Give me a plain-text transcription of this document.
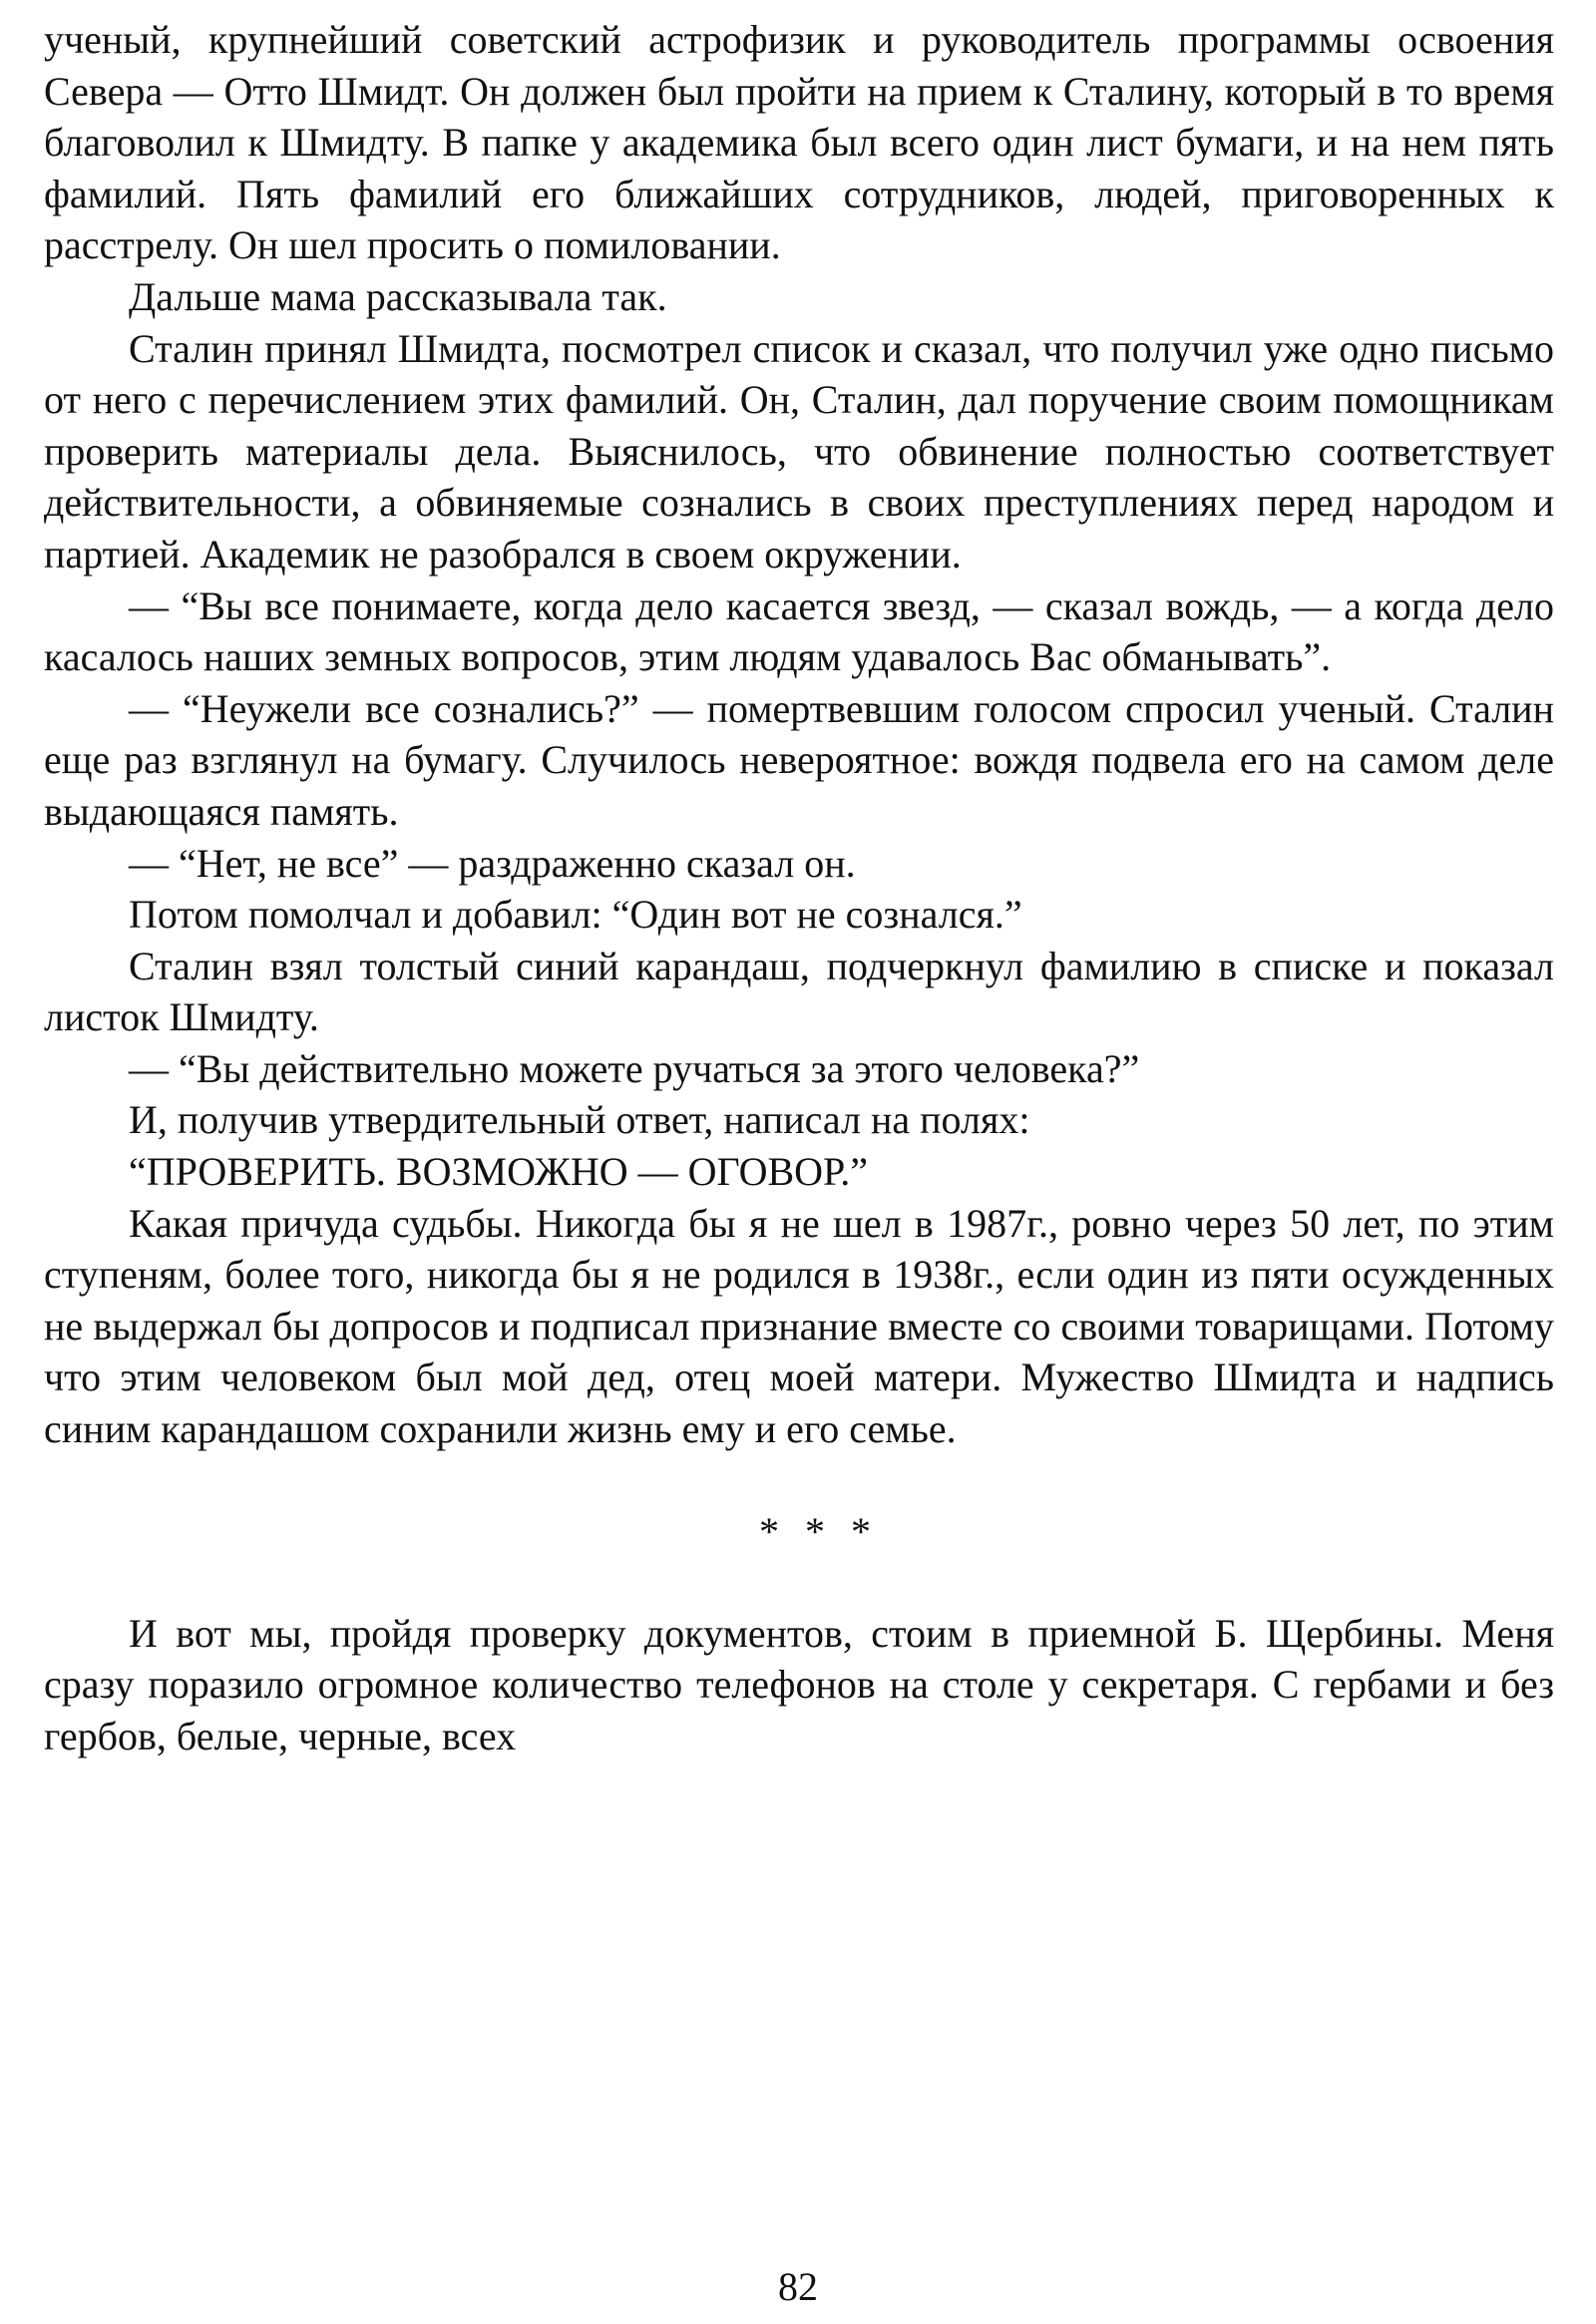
ученый, крупнейший советский астрофизик и руководитель программы освоения Севера — Отто Шмидт. Он должен был пройти на прием к Сталину, который в то время благоволил к Шмидту. В папке у академика был всего один лист бумаги, и на нем пять фамилий. Пять фамилий его ближайших сотрудников, людей, приговоренных к расстрелу. Он шел просить о помиловании.

Дальше мама рассказывала так.

Сталин принял Шмидта, посмотрел список и сказал, что получил уже одно письмо от него с перечислением этих фамилий. Он, Сталин, дал поручение своим помощникам проверить материалы дела. Выяснилось, что обвинение полностью соответствует действительности, а обвиняемые сознались в своих преступлениях перед народом и партией. Академик не разобрался в своем окружении.

— “Вы все понимаете, когда дело касается звезд, — сказал вождь, — а когда дело касалось наших земных вопросов, этим людям удавалось Вас обманывать”.

— “Неужели все сознались?” — помертвевшим голосом спросил ученый. Сталин еще раз взглянул на бумагу. Случилось невероятное: вождя подвела его на самом деле выдающаяся память.

— “Нет, не все” — раздраженно сказал он.

Потом помолчал и добавил: “Один вот не сознался.”

Сталин взял толстый синий карандаш, подчеркнул фамилию в списке и показал листок Шмидту.

— “Вы действительно можете ручаться за этого человека?”

И, получив утвердительный ответ, написал на полях:

“ПРОВЕРИТЬ. ВОЗМОЖНО — ОГОВОР.”

Какая причуда судьбы. Никогда бы я не шел в 1987г., ровно через 50 лет, по этим ступеням, более того, никогда бы я не родился в 1938г., если один из пяти осужденных не выдержал бы допросов и подписал признание вместе со своими товарищами. Потому что этим человеком был мой дед, отец моей матери. Мужество Шмидта и надпись синим карандашом сохранили жизнь ему и его семье.

* * *

И вот мы, пройдя проверку документов, стоим в приемной Б. Щербины. Меня сразу поразило огромное количество телефонов на столе у секретаря. С гербами и без гербов, белые, черные, всех

82
